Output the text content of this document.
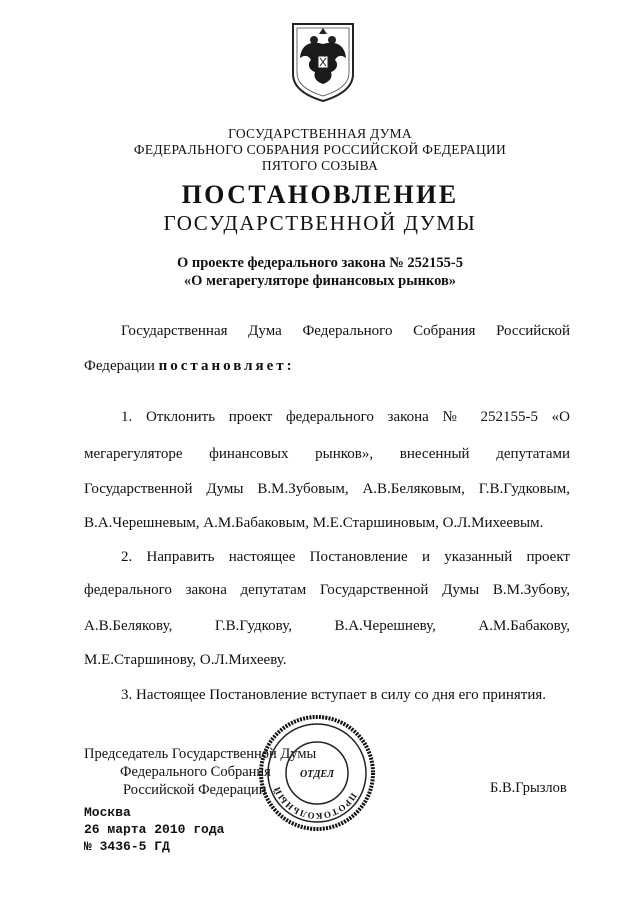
ГОСУДАРСТВЕННАЯ ДУМА
ФЕДЕРАЛЬНОГО СОБРАНИЯ РОССИЙСКОЙ ФЕДЕРАЦИИ
ПЯТОГО СОЗЫВА
ПОСТАНОВЛЕНИЕ
ГОСУДАРСТВЕННОЙ ДУМЫ
О проекте федерального закона № 252155-5
«О мегарегуляторе финансовых рынков»
Государственная Дума Федерального Собрания Российской
Федерации постановляет:
1. Отклонить проект федерального закона № 252155-5 «О
мегарегуляторе финансовых рынков», внесенный депутатами
Государственной Думы В.М.Зубовым, А.В.Беляковым, Г.В.Гудковым,
В.А.Черешневым, А.М.Бабаковым, М.Е.Старшиновым, О.Л.Михеевым.
2. Направить настоящее Постановление и указанный проект
федерального закона депутатам Государственной Думы В.М.Зубову,
А.В.Белякову, Г.В.Гудкову, В.А.Черешневу, А.М.Бабакову,
М.Е.Старшинову, О.Л.Михееву.
3. Настоящее Постановление вступает в силу со дня его принятия.
Председатель Государственной Думы
Федерального Собрания
Российской Федерации	Б.В.Грызлов
ПРОТОКОЛЬНЫЙ
ОТДЕЛ
Москва
26 марта 2010 года
№ 3436-5 ГД
